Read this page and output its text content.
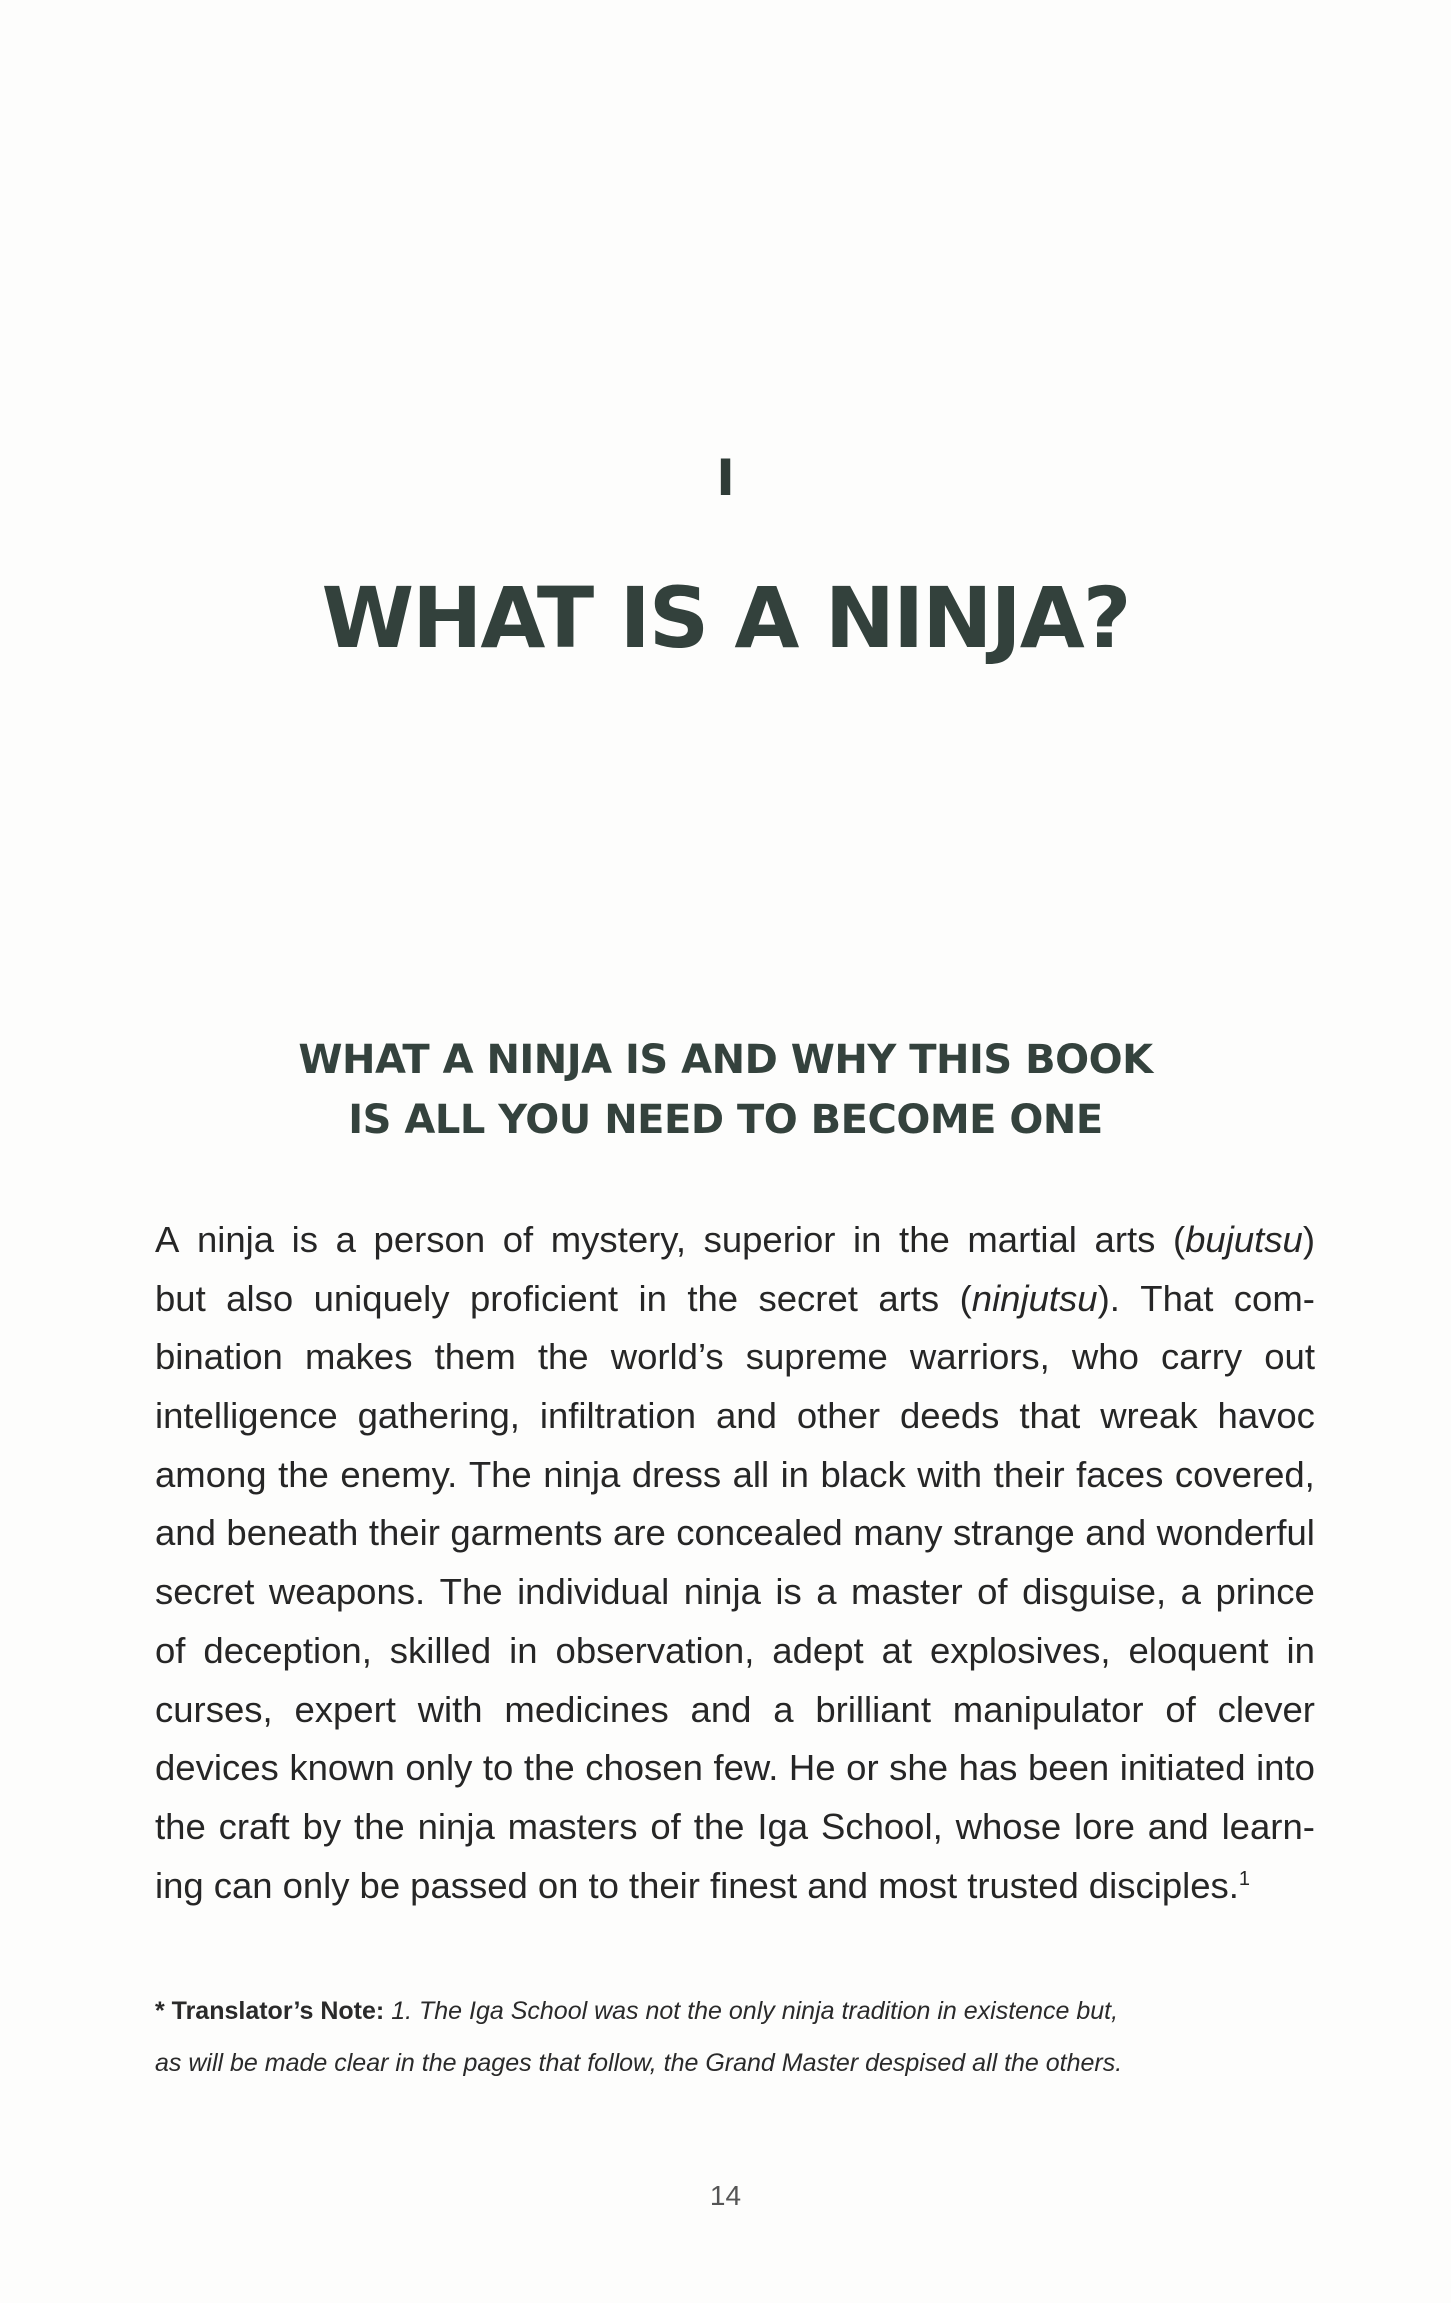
I
WHAT IS A NINJA?
WHAT A NINJA IS AND WHY THIS BOOK
IS ALL YOU NEED TO BECOME ONE
A ninja is a person of mystery, superior in the martial arts (bujutsu)
but also uniquely proficient in the secret arts (ninjutsu). That com-
bination makes them the world’s supreme warriors, who carry out
intelligence gathering, infiltration and other deeds that wreak havoc
among the enemy. The ninja dress all in black with their faces covered,
and beneath their garments are concealed many strange and wonderful
secret weapons. The individual ninja is a master of disguise, a prince
of deception, skilled in observation, adept at explosives, eloquent in
curses, expert with medicines and a brilliant manipulator of clever
devices known only to the chosen few. He or she has been initiated into
the craft by the ninja masters of the Iga School, whose lore and learn-
ing can only be passed on to their finest and most trusted disciples.$^1$
* Translator’s Note: 1. The Iga School was not the only ninja tradition in existence but,
as will be made clear in the pages that follow, the Grand Master despised all the others.
14
